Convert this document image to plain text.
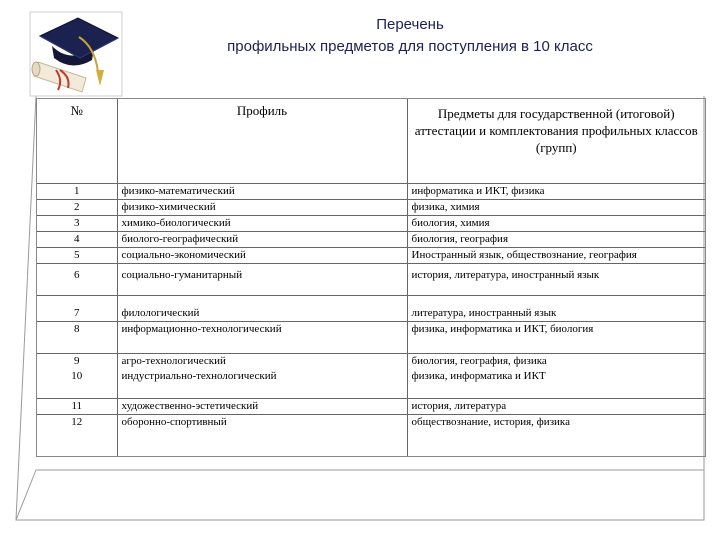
Перечень
профильных предметов для поступления в 10 класс
№	Профиль	Предметы для государственной (итоговой) аттестации и комплектования профильных классов (групп)
1	физико-математический	информатика и ИКТ, физика
2	физико-химический	физика, химия
3	химико-биологический	биология, химия
4	биолого-географический	биология, география
5	социально-экономический	Иностранный язык, обществознание, география
6	социально-гуманитарный	история, литература, иностранный язык

7	филологический	литература, иностранный язык
8	информационно-технологический	физика, информатика и ИКТ, биология

9	агро-технологический	биология, география, физика
10	индустриально-технологический	физика, информатика и ИКТ

11	художественно-эстетический	история, литература
12	оборонно-спортивный	обществознание, история, физика
